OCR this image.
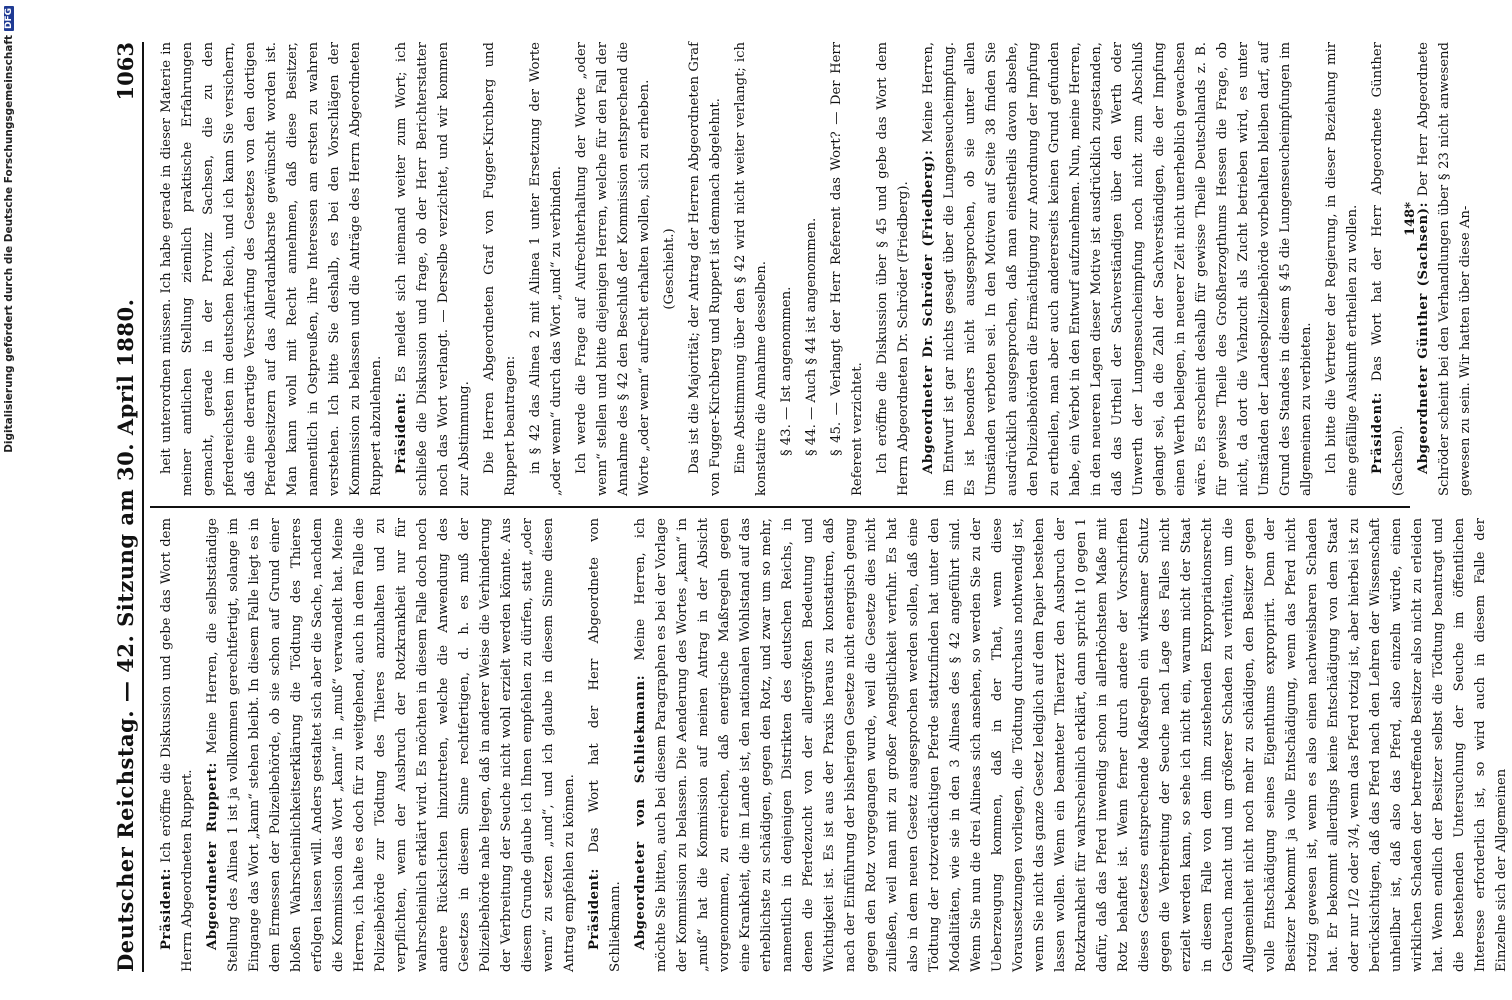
Deutscher Reichstag. — 42. Sitzung am 30. April 1880.
1063

Präsident: Ich eröffne die Diskussion und gebe das Wort dem Herrn Abgeordneten Ruppert. Abgeordneter Ruppert: Meine Herren, die selbstständige Stellung des Alinea 1 ist ja vollkommen gerechtfertigt, solange im Eingange das Wort „kann“ stehen bleibt. In diesem Falle liegt es in dem Ermessen der Polizeibehörde, ob sie schon auf Grund einer bloßen Wahrscheinlichkeitserklärung die Tödtung des Thieres erfolgen lassen will. Anders gestaltet sich aber die Sache, nachdem die Kommission das Wort „kann“ in „muß“ verwandelt hat. Meine Herren, ich halte es doch für zu weitgehend, auch in dem Falle die Polizeibehörde zur Tödtung des Thieres anzuhalten und zu verpflichten, wenn der Ausbruch der Rotzkrankheit nur für wahrscheinlich erklärt wird. Es möchten in diesem Falle doch noch andere Rücksichten hinzutreten, welche die Anwendung des Gesetzes in diesem Sinne rechtfertigen, d. h. es muß der Polizeibehörde nahe liegen, daß in anderer Weise die Verhinderung der Verbreitung der Seuche nicht wohl erzielt werden könnte. Aus diesem Grunde glaube ich Ihnen empfehlen zu dürfen, statt „oder wenn“ zu setzen „und“, und ich glaube in diesem Sinne diesen Antrag empfehlen zu können. Präsident: Das Wort hat der Herr Abgeordnete von Schliekmann. Abgeordneter von Schliekmann: Meine Herren, ich möchte Sie bitten, auch bei diesem Paragraphen es bei der Vorlage der Kommission zu belassen. Die Aenderung des Wortes „kann“ in „muß“ hat die Kommission auf meinen Antrag in der Absicht vorgenommen, zu erreichen, daß energische Maßregeln gegen eine Krankheit, die im Lande ist, den nationalen Wohlstand auf das erheblichste zu schädigen, gegen den Rotz, und zwar um so mehr, namentlich in denjenigen Distrikten des deutschen Reichs, in denen die Pferdezucht von der allergrößten Bedeutung und Wichtigkeit ist. Es ist aus der Praxis heraus zu konstatiren, daß nach der Einführung der bisherigen Gesetze nicht energisch genug gegen den Rotz vorgegangen wurde, weil die Gesetze dies nicht zuließen, weil man mit zu großer Aengstlichkeit verfuhr. Es hat also in dem neuen Gesetz ausgesprochen werden sollen, daß eine Tödtung der rotzverdächtigen Pferde stattzufinden hat unter den Modalitäten, wie sie in den 3 Alineas des § 42 angeführt sind. Wenn Sie nun die drei Alineas sich ansehen, so werden Sie zu der Ueberzeugung kommen, daß in der That, wenn diese Voraussetzungen vorliegen, die Tödtung durchaus nothwendig ist, wenn Sie nicht das ganze Gesetz lediglich auf dem Papier bestehen lassen wollen. Wenn ein beamteter Thierarzt den Ausbruch der Rotzkrankheit für wahrscheinlich erklärt, dann spricht 10 gegen 1 dafür, daß das Pferd inwendig schon in allerhöchstem Maße mit Rotz behaftet ist. Wenn ferner durch andere der Vorschriften dieses Gesetzes entsprechende Maßregeln ein wirksamer Schutz gegen die Verbreitung der Seuche nach Lage des Falles nicht erzielt werden kann, so sehe ich nicht ein, warum nicht der Staat in diesem Falle von dem ihm zustehenden Expropriationsrecht Gebrauch macht und um größerer Schaden zu verhüten, um die Allgemeinheit nicht noch mehr zu schädigen, den Besitzer gegen volle Entschädigung seines Eigenthums expropriirt. Denn der Besitzer bekommt ja volle Entschädigung, wenn das Pferd nicht rotzig gewesen ist, wenn es also einen nachweisbaren Schaden hat. Er bekommt allerdings keine Entschädigung von dem Staat oder nur 1/2 oder 3/4, wenn das Pferd rotzig ist, aber hierbei ist zu berücksichtigen, daß das Pferd nach den Lehren der Wissenschaft unheilbar ist, daß also das Pferd, also einzeln würde, einen wirklichen Schaden der betreffende Besitzer also nicht zu erleiden hat. Wenn endlich der Besitzer selbst die Tödtung beantragt und die bestehenden Untersuchung der Seuche im öffentlichen Interesse erforderlich ist, so wird auch in diesem Falle der Einzelne sich der Allgemeinen

heit unterordnen müssen. Ich habe gerade in dieser Materie in meiner amtlichen Stellung ziemlich praktische Erfahrungen gemacht, gerade in der Provinz Sachsen, die zu den pferdereichsten im deutschen Reich, und ich kann Sie versichern, daß eine derartige Verschärfung des Gesetzes von den dortigen Pferdebesitzern auf das Allerdankbarste gewünscht worden ist. Man kann wohl mit Recht annehmen, daß diese Besitzer, namentlich in Ostpreußen, ihre Interessen am ersten zu wahren verstehen. Ich bitte Sie deshalb, es bei den Vorschlägen der Kommission zu belassen und die Anträge des Herrn Abgeordneten Ruppert abzulehnen. Präsident: Es meldet sich niemand weiter zum Wort; ich schließe die Diskussion und frage, ob der Herr Berichterstatter noch das Wort verlangt. — Derselbe verzichtet, und wir kommen zur Abstimmung. Die Herren Abgeordneten Graf von Fugger-Kirchberg und Ruppert beantragen: in § 42 das Alinea 2 mit Alinea 1 unter Ersetzung der Worte „oder wenn“ durch das Wort „und“ zu verbinden. Ich werde die Frage auf Aufrechterhaltung der Worte „oder wenn“ stellen und bitte diejenigen Herren, welche für den Fall der Annahme des § 42 den Beschluß der Kommission entsprechend die Worte „oder wenn“ aufrecht erhalten wollen, sich zu erheben. (Geschieht.) Das ist die Majorität; der Antrag der Herren Abgeordneten Graf von Fugger-Kirchberg und Ruppert ist demnach abgelehnt. Eine Abstimmung über den § 42 wird nicht weiter verlangt; ich konstatire die Annahme desselben. § 43. — Ist angenommen. § 44. — Auch § 44 ist angenommen. § 45. — Verlangt der Herr Referent das Wort? — Der Herr Referent verzichtet. Ich eröffne die Diskussion über § 45 und gebe das Wort dem Herrn Abgeordneten Dr. Schröder (Friedberg). Abgeordneter Dr. Schröder (Friedberg): Meine Herren, im Entwurf ist gar nichts gesagt über die Lungenseucheimpfung. Es ist besonders nicht ausgesprochen, ob sie unter allen Umständen verboten sei. In den Motiven auf Seite 38 finden Sie ausdrücklich ausgesprochen, daß man einestheils davon absehe, den Polizeibehörden die Ermächtigung zur Anordnung der Impfung zu ertheilen, man aber auch andererseits keinen Grund gefunden habe, ein Verbot in den Entwurf aufzunehmen. Nun, meine Herren, in den neueren Lagen dieser Motive ist ausdrücklich zugestanden, daß das Urtheil der Sachverständigen über den Werth oder Unwerth der Lungenseucheimpfung noch nicht zum Abschluß gelangt sei, da die Zahl der Sachverständigen, die der Impfung einen Werth beilegen, in neuerer Zeit nicht unerheblich gewachsen wäre. Es erscheint deshalb für gewisse Theile Deutschlands z. B. für gewisse Theile des Großherzogthums Hessen die Frage, ob nicht, da dort die Viehzucht als Zucht betrieben wird, es unter Umständen der Landespolizeibehörde vorbehalten bleiben darf, auf Grund des Standes in diesem § 45 die Lungenseucheimpfungen im allgemeinen zu verbieten. Ich bitte die Vertreter der Regierung, in dieser Beziehung mir eine gefällige Auskunft ertheilen zu wollen. Präsident: Das Wort hat der Herr Abgeordnete Günther (Sachsen). Abgeordneter Günther (Sachsen): Der Herr Abgeordnete Schröder scheint bei den Verhandlungen über § 23 nicht anwesend gewesen zu sein. Wir hatten über diese An-

148*
Digitalisierung gefördert durch die Deutsche Forschungsgemeinschaft
DFG
